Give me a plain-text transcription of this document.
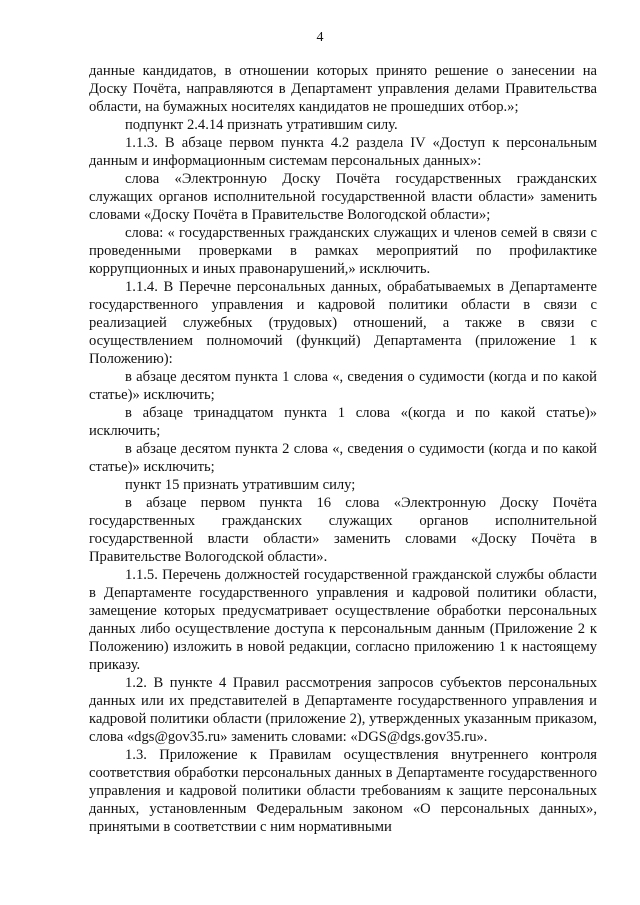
4

данные кандидатов, в отношении которых принято решение о занесении на Доску Почёта, направляются в Департамент управления делами Правительства области, на бумажных носителях кандидатов не прошедших отбор.»;

подпункт 2.4.14 признать утратившим силу.

1.1.3. В абзаце первом пункта 4.2 раздела IV «Доступ к персональным данным и информационным системам персональных данных»:

слова «Электронную Доску Почёта государственных гражданских служащих органов исполнительной государственной власти области» заменить словами «Доску Почёта в Правительстве Вологодской области»;

слова: « государственных гражданских служащих и членов семей в связи с проведенными проверками в рамках мероприятий по профилактике коррупционных и иных правонарушений,» исключить.

1.1.4. В Перечне персональных данных, обрабатываемых в Департаменте государственного управления и кадровой политики области в связи с реализацией служебных (трудовых) отношений, а также в связи с осуществлением полномочий (функций) Департамента (приложение 1 к Положению):

в абзаце десятом пункта 1 слова «, сведения о судимости (когда и по какой статье)» исключить;

в абзаце тринадцатом пункта 1 слова «(когда и по какой статье)» исключить;

в абзаце десятом пункта 2 слова «, сведения о судимости (когда и по какой статье)» исключить;

пункт 15 признать утратившим силу;

в абзаце первом пункта 16 слова «Электронную Доску Почёта государственных гражданских служащих органов исполнительной государственной власти области» заменить словами «Доску Почёта в Правительстве Вологодской области».

1.1.5. Перечень должностей государственной гражданской службы области в Департаменте государственного управления и кадровой политики области, замещение которых предусматривает осуществление обработки персональных данных либо осуществление доступа к персональным данным (Приложение 2 к Положению) изложить в новой редакции, согласно приложению 1 к настоящему приказу.

1.2. В пункте 4 Правил рассмотрения запросов субъектов персональных данных или их представителей в Департаменте государственного управления и кадровой политики области (приложение 2), утвержденных указанным приказом, слова «dgs@gov35.ru» заменить словами: «DGS@dgs.gov35.ru».

1.3. Приложение к Правилам осуществления внутреннего контроля соответствия обработки персональных данных в Департаменте государственного управления и кадровой политики области требованиям к защите персональных данных, установленным Федеральным законом «О персональных данных», принятыми в соответствии с ним нормативными
